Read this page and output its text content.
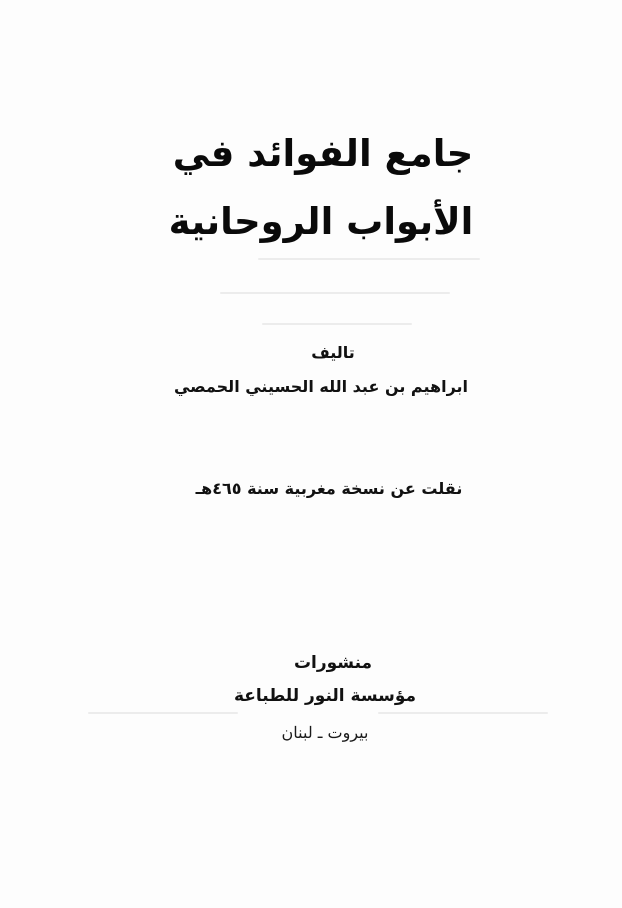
جامع الفوائد في
الأبواب الروحانية
تاليف
ابراهيم بن عبد الله الحسيني الحمصي
نقلت عن نسخة مغربية سنة ٤٦٥هـ
منشورات
مؤسسة النور للطباعة
بيروت ـ لبنان
